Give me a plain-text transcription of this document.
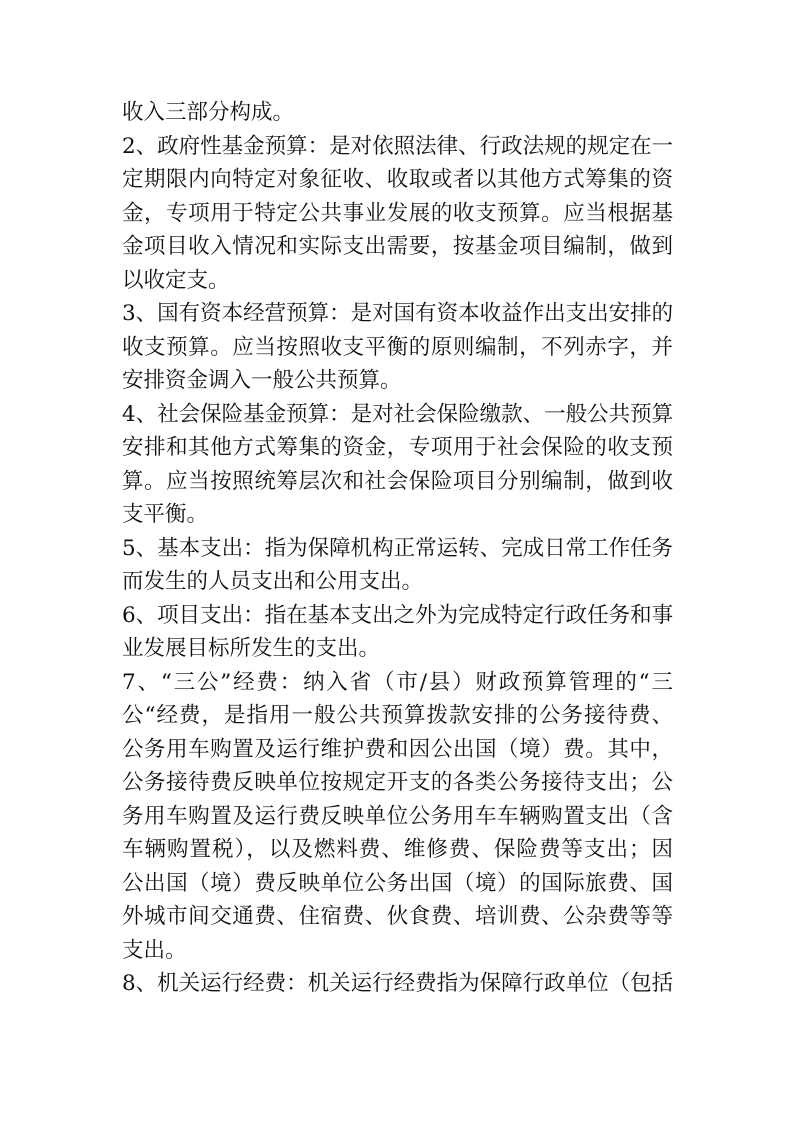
收入三部分构成。
2、政府性基金预算：是对依照法律、行政法规的规定在一
定期限内向特定对象征收、收取或者以其他方式筹集的资
金，专项用于特定公共事业发展的收支预算。应当根据基
金项目收入情况和实际支出需要，按基金项目编制，做到
以收定支。
3、国有资本经营预算：是对国有资本收益作出支出安排的
收支预算。应当按照收支平衡的原则编制，不列赤字，并
安排资金调入一般公共预算。
4、社会保险基金预算：是对社会保险缴款、一般公共预算
安排和其他方式筹集的资金，专项用于社会保险的收支预
算。应当按照统筹层次和社会保险项目分别编制，做到收
支平衡。
5、基本支出：指为保障机构正常运转、完成日常工作任务
而发生的人员支出和公用支出。
6、项目支出：指在基本支出之外为完成特定行政任务和事
业发展目标所发生的支出。
7、“三公”经费：纳入省（市/县）财政预算管理的“三
公“经费，是指用一般公共预算拨款安排的公务接待费、
公务用车购置及运行维护费和因公出国（境）费。其中，
公务接待费反映单位按规定开支的各类公务接待支出；公
务用车购置及运行费反映单位公务用车车辆购置支出（含
车辆购置税），以及燃料费、维修费、保险费等支出；因
公出国（境）费反映单位公务出国（境）的国际旅费、国
外城市间交通费、住宿费、伙食费、培训费、公杂费等等
支出。
8、机关运行经费：机关运行经费指为保障行政单位（包括
